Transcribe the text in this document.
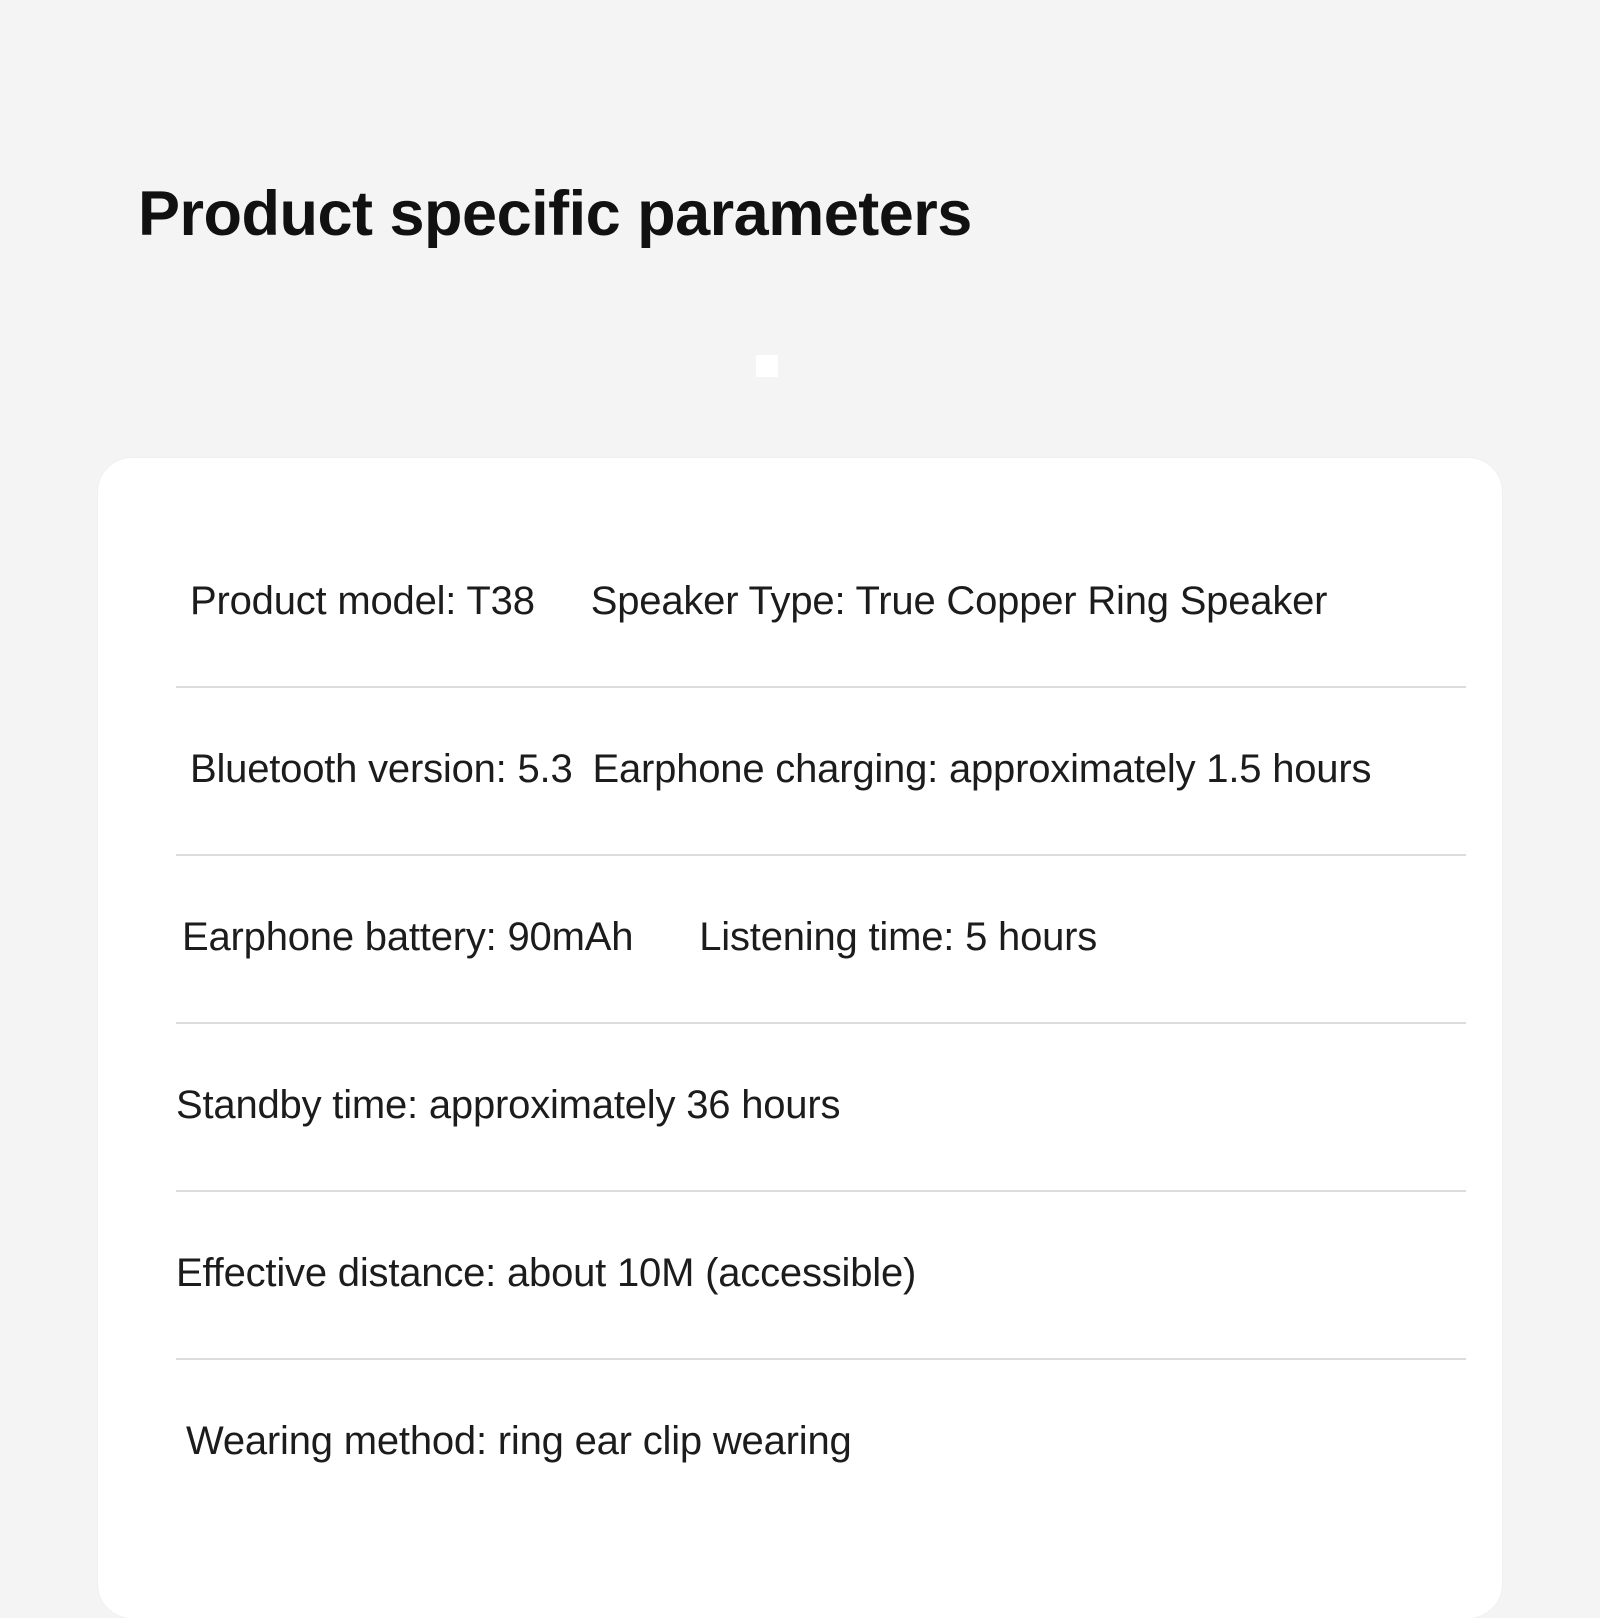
Product specific parameters
Product model: T38	Speaker Type: True Copper Ring Speaker
Bluetooth version: 5.3 Earphone charging: approximately 1.5 hours
Earphone battery: 90mAh	Listening time: 5 hours
Standby time: approximately 36 hours
Effective distance: about 10M (accessible)
Wearing method: ring ear clip wearing
